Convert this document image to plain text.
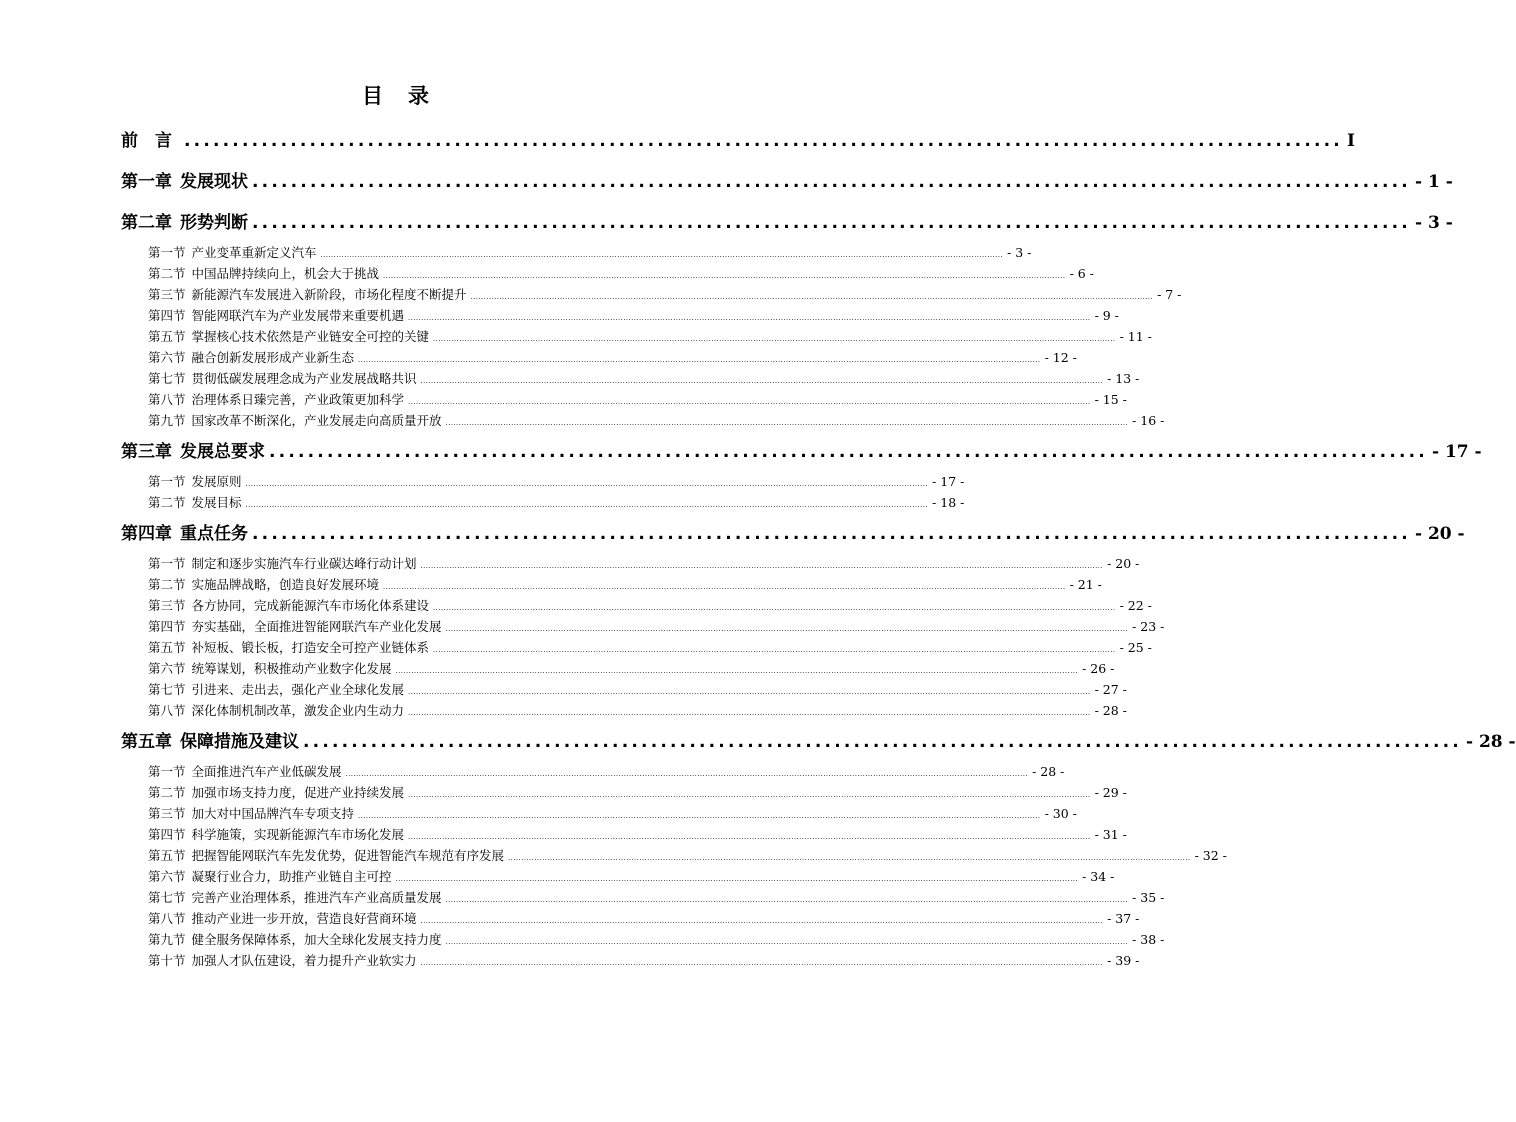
目　录
前　言 ........................................................................................................................ I
第一章 发展现状 ........................................................................................................................ - 1 -
第二章 形势判断 ........................................................................................................................ - 3 -
第一节 产业变革重新定义汽车 .................................................................................................................................................................................................................................................................... - 3 -
第二节 中国品牌持续向上，机会大于挑战 .................................................................................................................................................................................................................................................................... - 6 -
第三节 新能源汽车发展进入新阶段，市场化程度不断提升 .................................................................................................................................................................................................................................................................... - 7 -
第四节 智能网联汽车为产业发展带来重要机遇 .................................................................................................................................................................................................................................................................... - 9 -
第五节 掌握核心技术依然是产业链安全可控的关键 .................................................................................................................................................................................................................................................................... - 11 -
第六节 融合创新发展形成产业新生态 .................................................................................................................................................................................................................................................................... - 12 -
第七节 贯彻低碳发展理念成为产业发展战略共识 .................................................................................................................................................................................................................................................................... - 13 -
第八节 治理体系日臻完善，产业政策更加科学 .................................................................................................................................................................................................................................................................... - 15 -
第九节 国家改革不断深化，产业发展走向高质量开放 .................................................................................................................................................................................................................................................................... - 16 -
第三章 发展总要求 ........................................................................................................................ - 17 -
第一节 发展原则 .................................................................................................................................................................................................................................................................... - 17 -
第二节 发展目标 .................................................................................................................................................................................................................................................................... - 18 -
第四章 重点任务 ........................................................................................................................ - 20 -
第一节 制定和逐步实施汽车行业碳达峰行动计划 .................................................................................................................................................................................................................................................................... - 20 -
第二节 实施品牌战略，创造良好发展环境 .................................................................................................................................................................................................................................................................... - 21 -
第三节 各方协同，完成新能源汽车市场化体系建设 .................................................................................................................................................................................................................................................................... - 22 -
第四节 夯实基础，全面推进智能网联汽车产业化发展 .................................................................................................................................................................................................................................................................... - 23 -
第五节 补短板、锻长板，打造安全可控产业链体系 .................................................................................................................................................................................................................................................................... - 25 -
第六节 统筹谋划，积极推动产业数字化发展 .................................................................................................................................................................................................................................................................... - 26 -
第七节 引进来、走出去，强化产业全球化发展 .................................................................................................................................................................................................................................................................... - 27 -
第八节 深化体制机制改革，激发企业内生动力 .................................................................................................................................................................................................................................................................... - 28 -
第五章 保障措施及建议 ........................................................................................................................ - 28 -
第一节 全面推进汽车产业低碳发展 .................................................................................................................................................................................................................................................................... - 28 -
第二节 加强市场支持力度，促进产业持续发展 .................................................................................................................................................................................................................................................................... - 29 -
第三节 加大对中国品牌汽车专项支持 .................................................................................................................................................................................................................................................................... - 30 -
第四节 科学施策，实现新能源汽车市场化发展 .................................................................................................................................................................................................................................................................... - 31 -
第五节 把握智能网联汽车先发优势，促进智能汽车规范有序发展 .................................................................................................................................................................................................................................................................... - 32 -
第六节 凝聚行业合力，助推产业链自主可控 .................................................................................................................................................................................................................................................................... - 34 -
第七节 完善产业治理体系，推进汽车产业高质量发展 .................................................................................................................................................................................................................................................................... - 35 -
第八节 推动产业进一步开放，营造良好营商环境 .................................................................................................................................................................................................................................................................... - 37 -
第九节 健全服务保障体系，加大全球化发展支持力度 .................................................................................................................................................................................................................................................................... - 38 -
第十节 加强人才队伍建设，着力提升产业软实力 .................................................................................................................................................................................................................................................................... - 39 -
